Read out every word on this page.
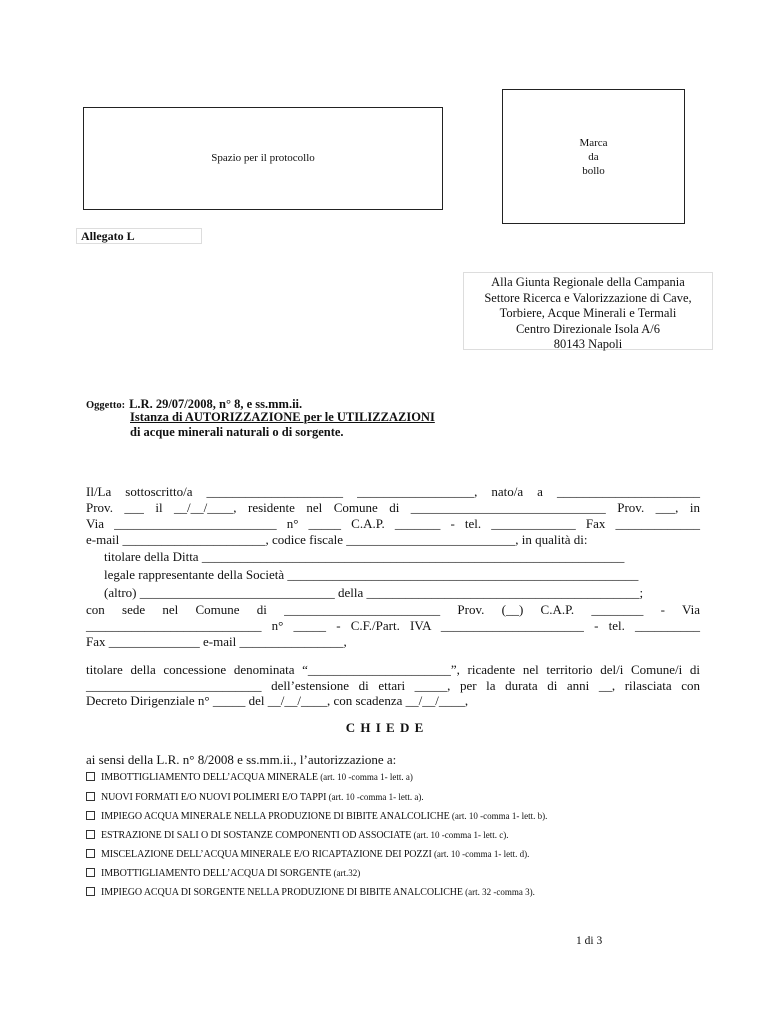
Spazio per il protocollo
Marca
da
bollo
Allegato L
Alla Giunta Regionale della Campania
Settore Ricerca e Valorizzazione di Cave,
Torbiere, Acque Minerali e Termali
Centro Direzionale Isola A/6
80143 Napoli
Oggetto: L.R. 29/07/2008, n° 8, e ss.mm.ii.
Istanza di AUTORIZZAZIONE per le UTILIZZAZIONI
di acque minerali naturali o di sorgente.
Il/La sottoscritto/a _____________________ __________________, nato/a a ______________________
Prov. ___ il __/__/____, residente nel Comune di ______________________________ Prov. ___, in
Via _________________________ n° _____ C.A.P. _______ - tel. _____________ Fax _____________
e-mail ______________________, codice fiscale __________________________, in qualità di:
titolare della Ditta _________________________________________________________________
legale rappresentante della Società ______________________________________________________
(altro) ______________________________ della __________________________________________;
con sede nel Comune di ________________________ Prov. (__) C.A.P. ________ - Via
___________________________ n° _____ - C.F./Part. IVA ______________________ - tel. __________
Fax ______________ e-mail ________________,
titolare della concessione denominata “______________________”, ricadente nel territorio del/i Comune/i di
___________________________ dell’estensione di ettari _____, per la durata di anni __, rilasciata con
Decreto Dirigenziale n° _____ del __/__/____, con scadenza __/__/____,
C H I E D E
ai sensi della L.R. n° 8/2008 e ss.mm.ii., l’autorizzazione a:
IMBOTTIGLIAMENTO DELL’ACQUA MINERALE (art. 10 -comma 1- lett. a)
NUOVI FORMATI E/O NUOVI POLIMERI E/O TAPPI (art. 10 -comma 1- lett. a).
IMPIEGO ACQUA MINERALE NELLA PRODUZIONE DI BIBITE ANALCOLICHE (art. 10 -comma 1- lett. b).
ESTRAZIONE DI SALI O DI SOSTANZE COMPONENTI OD ASSOCIATE (art. 10 -comma 1- lett. c).
MISCELAZIONE DELL’ACQUA MINERALE E/O RICAPTAZIONE DEI POZZI (art. 10 -comma 1- lett. d).
IMBOTTIGLIAMENTO DELL’ACQUA DI SORGENTE (art.32)
IMPIEGO ACQUA DI SORGENTE NELLA PRODUZIONE DI BIBITE ANALCOLICHE (art. 32 -comma 3).
1 di 3
